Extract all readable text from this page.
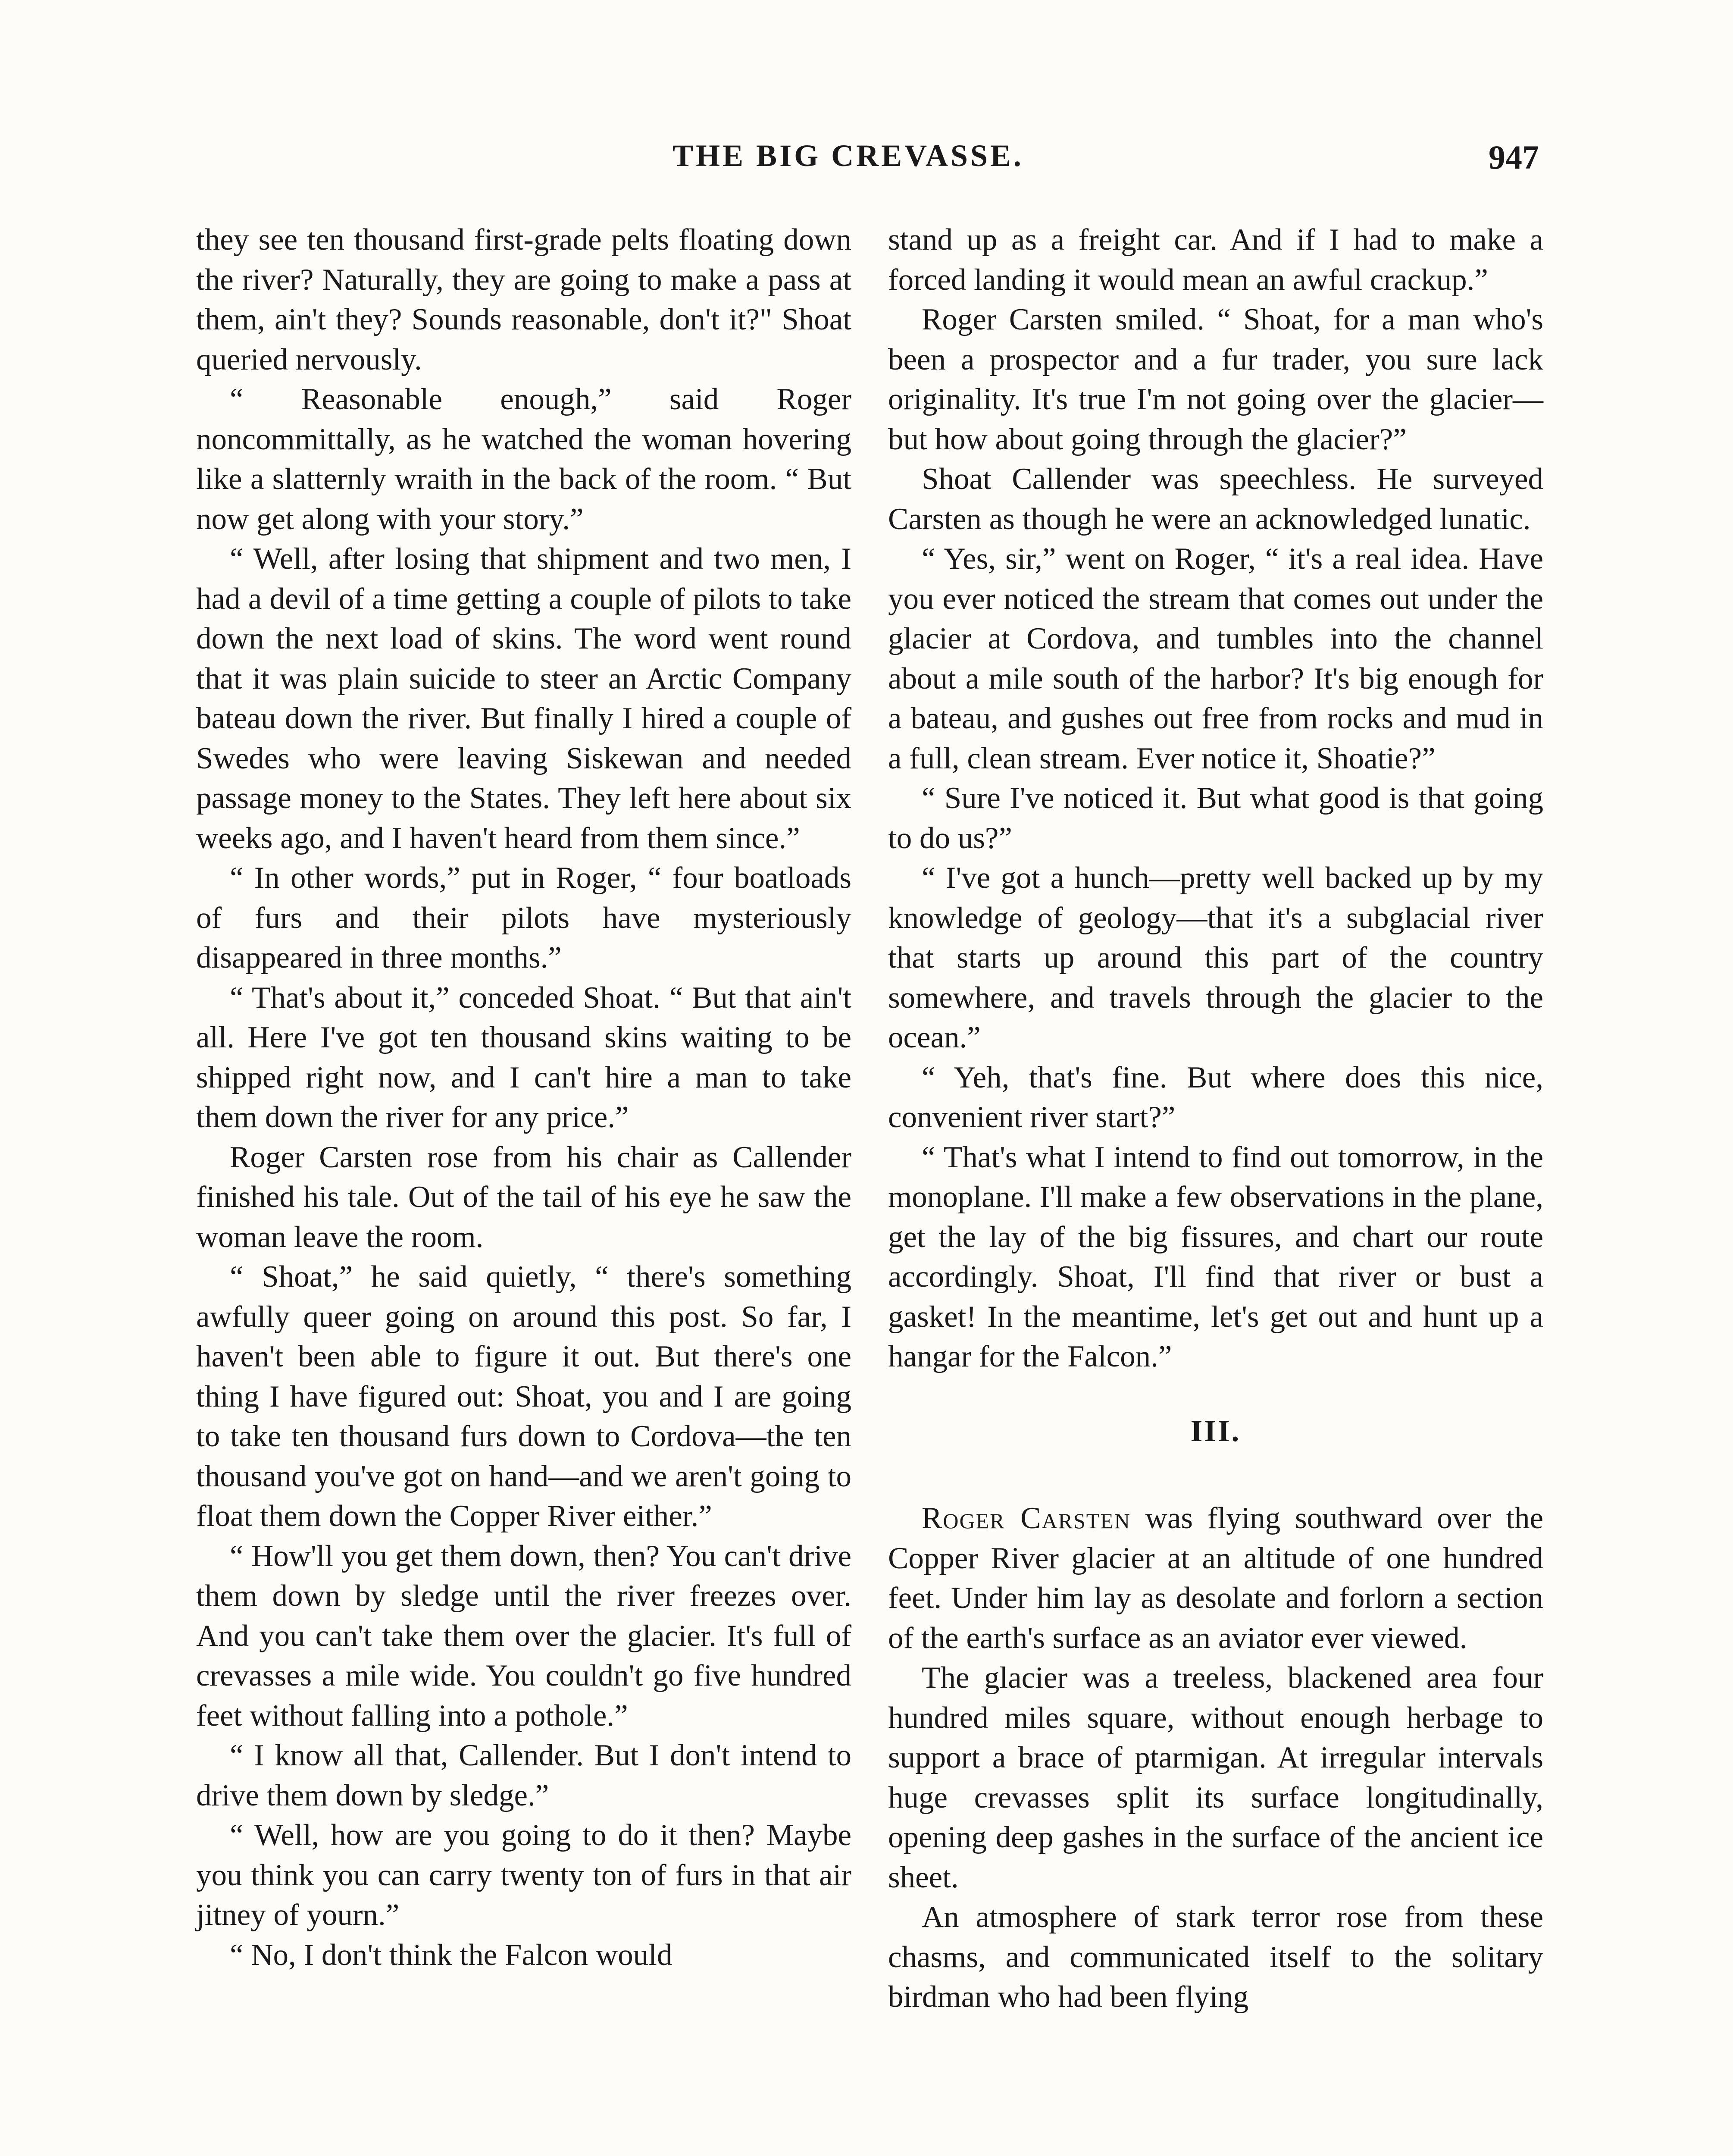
THE BIG CREVASSE.	947

they see ten thousand first-grade pelts floating down the river? Naturally, they are going to make a pass at them, ain't they? Sounds reasonable, don't it?" Shoat queried nervously.

“ Reasonable enough,” said Roger noncommittally, as he watched the woman hovering like a slatternly wraith in the back of the room. “ But now get along with your story.”

“ Well, after losing that shipment and two men, I had a devil of a time getting a couple of pilots to take down the next load of skins. The word went round that it was plain suicide to steer an Arctic Company bateau down the river. But finally I hired a couple of Swedes who were leaving Siskewan and needed passage money to the States. They left here about six weeks ago, and I haven't heard from them since.”

“ In other words,” put in Roger, “ four boatloads of furs and their pilots have mysteriously disappeared in three months.”

“ That's about it,” conceded Shoat. “ But that ain't all. Here I've got ten thousand skins waiting to be shipped right now, and I can't hire a man to take them down the river for any price.”

Roger Carsten rose from his chair as Callender finished his tale. Out of the tail of his eye he saw the woman leave the room.

“ Shoat,” he said quietly, “ there's something awfully queer going on around this post. So far, I haven't been able to figure it out. But there's one thing I have figured out: Shoat, you and I are going to take ten thousand furs down to Cordova—the ten thousand you've got on hand—and we aren't going to float them down the Copper River either.”

“ How'll you get them down, then? You can't drive them down by sledge until the river freezes over. And you can't take them over the glacier. It's full of crevasses a mile wide. You couldn't go five hundred feet without falling into a pothole.”

“ I know all that, Callender. But I don't intend to drive them down by sledge.”

“ Well, how are you going to do it then? Maybe you think you can carry twenty ton of furs in that air jitney of yourn.”

“ No, I don't think the Falcon would

stand up as a freight car. And if I had to make a forced landing it would mean an awful crackup.”

Roger Carsten smiled. “ Shoat, for a man who's been a prospector and a fur trader, you sure lack originality. It's true I'm not going over the glacier—but how about going through the glacier?”

Shoat Callender was speechless. He surveyed Carsten as though he were an acknowledged lunatic.

“ Yes, sir,” went on Roger, “ it's a real idea. Have you ever noticed the stream that comes out under the glacier at Cordova, and tumbles into the channel about a mile south of the harbor? It's big enough for a bateau, and gushes out free from rocks and mud in a full, clean stream. Ever notice it, Shoatie?”

“ Sure I've noticed it. But what good is that going to do us?”

“ I've got a hunch—pretty well backed up by my knowledge of geology—that it's a subglacial river that starts up around this part of the country somewhere, and travels through the glacier to the ocean.”

“ Yeh, that's fine. But where does this nice, convenient river start?”

“ That's what I intend to find out tomorrow, in the monoplane. I'll make a few observations in the plane, get the lay of the big fissures, and chart our route accordingly. Shoat, I'll find that river or bust a gasket! In the meantime, let's get out and hunt up a hangar for the Falcon.”

III.

Roger Carsten was flying southward over the Copper River glacier at an altitude of one hundred feet. Under him lay as desolate and forlorn a section of the earth's surface as an aviator ever viewed.

The glacier was a treeless, blackened area four hundred miles square, without enough herbage to support a brace of ptarmigan. At irregular intervals huge crevasses split its surface longitudinally, opening deep gashes in the surface of the ancient ice sheet.

An atmosphere of stark terror rose from these chasms, and communicated itself to the solitary birdman who had been flying
